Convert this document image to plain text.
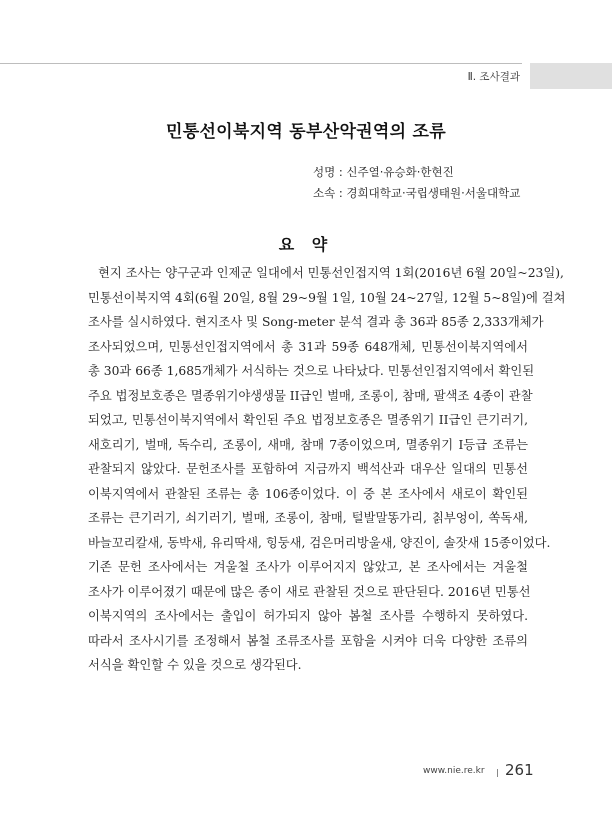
Ⅱ. 조사결과
민통선이북지역 동부산악권역의 조류
성명 : 신주열·유승화·한현진
소속 : 경희대학교·국립생태원·서울대학교
요 약
현지 조사는 양구군과 인제군 일대에서 민통선인접지역 1회(2016년 6월 20일~23일),
민통선이북지역 4회(6월 20일, 8월 29~9월 1일, 10월 24~27일, 12월 5~8일)에 걸쳐
조사를 실시하였다. 현지조사 및 Song-meter 분석 결과 총 36과 85종 2,333개체가
조사되었으며, 민통선인접지역에서 총 31과 59종 648개체, 민통선이북지역에서
총 30과 66종 1,685개체가 서식하는 것으로 나타났다. 민통선인접지역에서 확인된
주요 법정보호종은 멸종위기야생생물 II급인 벌매, 조롱이, 참매, 팔색조 4종이 관찰
되었고, 민통선이북지역에서 확인된 주요 법정보호종은 멸종위기 II급인 큰기러기,
새호리기, 벌매, 독수리, 조롱이, 새매, 참매 7종이었으며, 멸종위기 I등급 조류는
관찰되지 않았다. 문헌조사를 포함하여 지금까지 백석산과 대우산 일대의 민통선
이북지역에서 관찰된 조류는 총 106종이었다. 이 중 본 조사에서 새로이 확인된
조류는 큰기러기, 쇠기러기, 벌매, 조롱이, 참매, 털발말똥가리, 칡부엉이, 쏙독새,
바늘꼬리칼새, 동박새, 유리딱새, 힝둥새, 검은머리방울새, 양진이, 솔잣새 15종이었다.
기존 문헌 조사에서는 겨울철 조사가 이루어지지 않았고, 본 조사에서는 겨울철
조사가 이루어졌기 때문에 많은 종이 새로 관찰된 것으로 판단된다. 2016년 민통선
이북지역의 조사에서는 출입이 허가되지 않아 봄철 조사를 수행하지 못하였다.
따라서 조사시기를 조정해서 봄철 조류조사를 포함을 시켜야 더욱 다양한 조류의
서식을 확인할 수 있을 것으로 생각된다.
www.nie.re.kr 261
